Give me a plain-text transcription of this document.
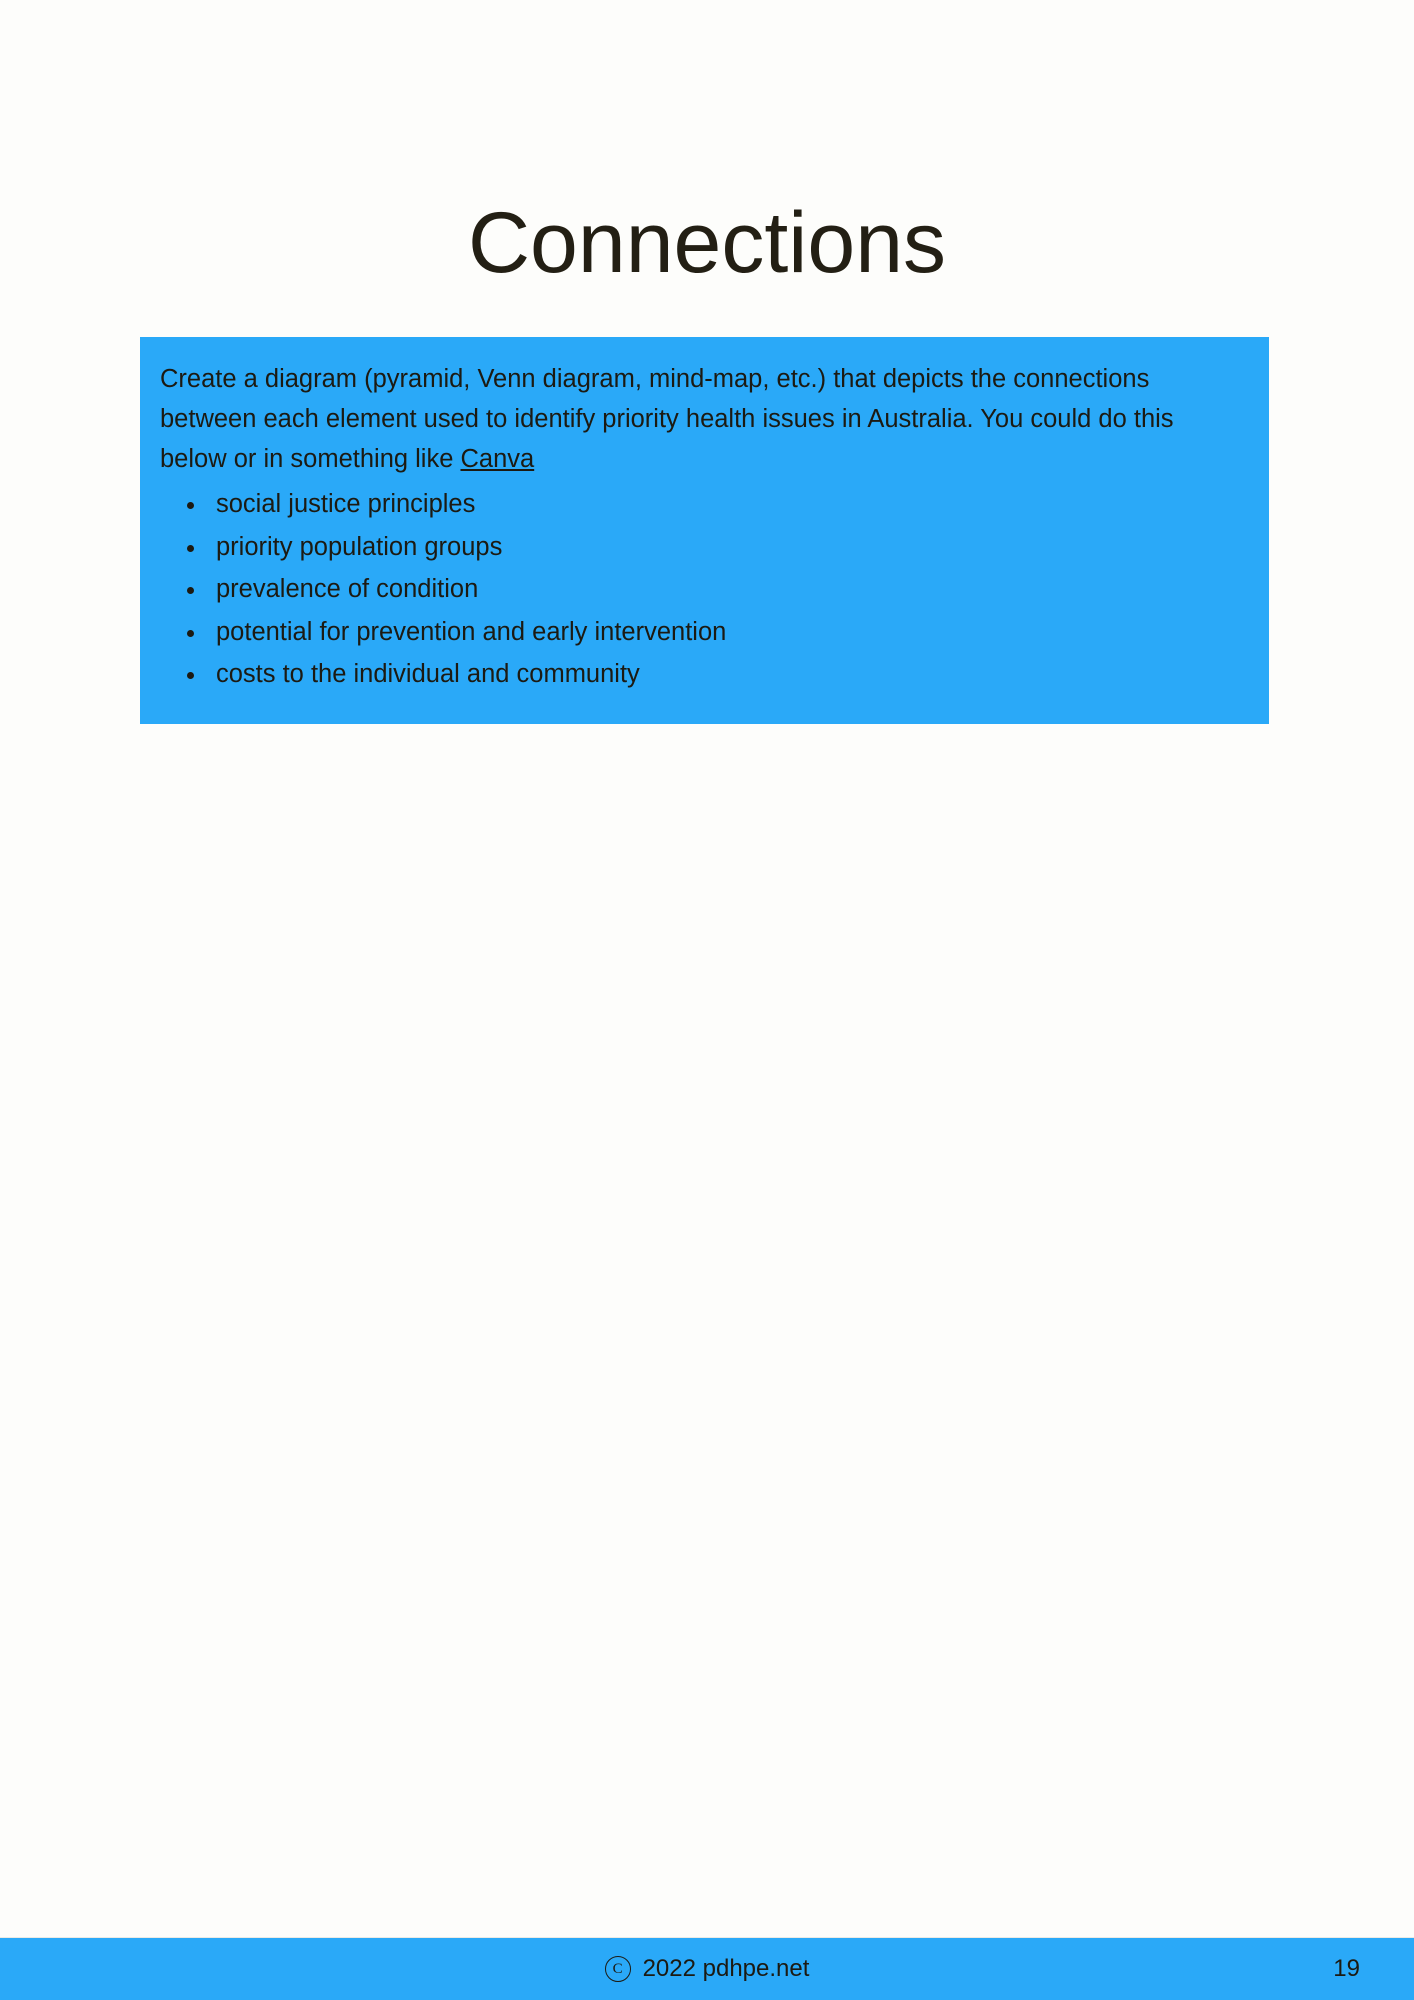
Connections

Create a diagram (pyramid, Venn diagram, mind-map, etc.) that depicts the connections between each element used to identify priority health issues in Australia. You could do this below or in something like Canva

• social justice principles
• priority population groups
• prevalence of condition
• potential for prevention and early intervention
• costs to the individual and community
C 2022 pdhpe.net	19
